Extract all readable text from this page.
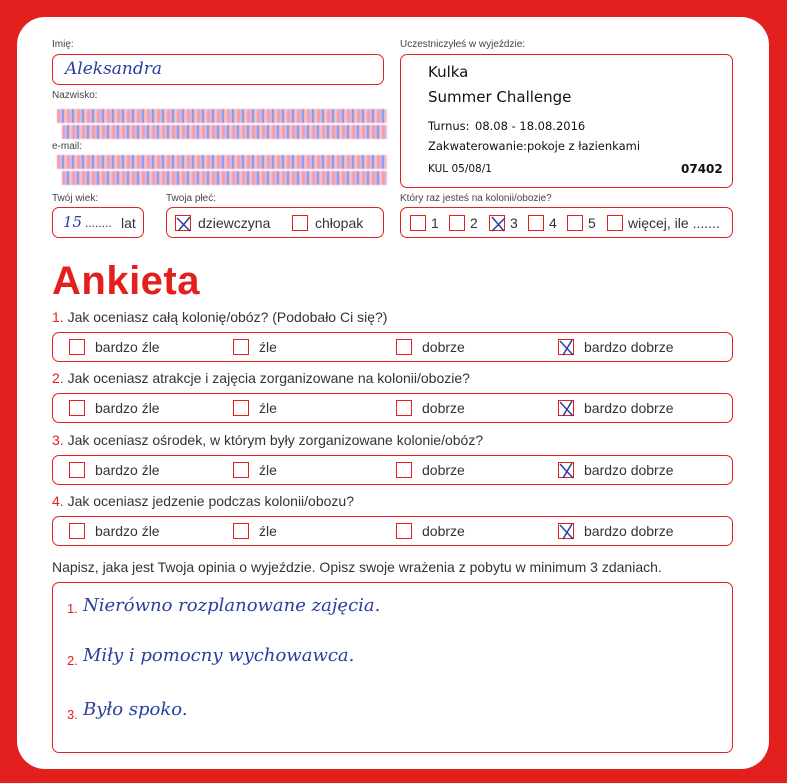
Imię:
Aleksandra
Nazwisko:
e-mail:
Twój wiek:
15 ........ lat
Twoja płeć:
dziewczyna	chłopak
Uczestniczyłeś w wyjeździe:
Kulka
Summer Challenge
Turnus: 08.08 - 18.08.2016
Zakwaterowanie: pokoje z łazienkami
KUL 05/08/1	07402
Który raz jesteś na kolonii/obozie?
1 2 3 4 5 więcej, ile .......
Ankieta
1. Jak oceniasz całą kolonię/obóz? (Podobało Ci się?)
bardzo źle	źle	dobrze	bardzo dobrze
2. Jak oceniasz atrakcje i zajęcia zorganizowane na kolonii/obozie?
bardzo źle	źle	dobrze	bardzo dobrze
3. Jak oceniasz ośrodek, w którym były zorganizowane kolonie/obóz?
bardzo źle	źle	dobrze	bardzo dobrze
4. Jak oceniasz jedzenie podczas kolonii/obozu?
bardzo źle	źle	dobrze	bardzo dobrze
Napisz, jaka jest Twoja opinia o wyjeździe. Opisz swoje wrażenia z pobytu w minimum 3 zdaniach.
1. Nierówno rozplanowane zajęcia.
2. Miły i pomocny wychowawca.
3. Było spoko.
